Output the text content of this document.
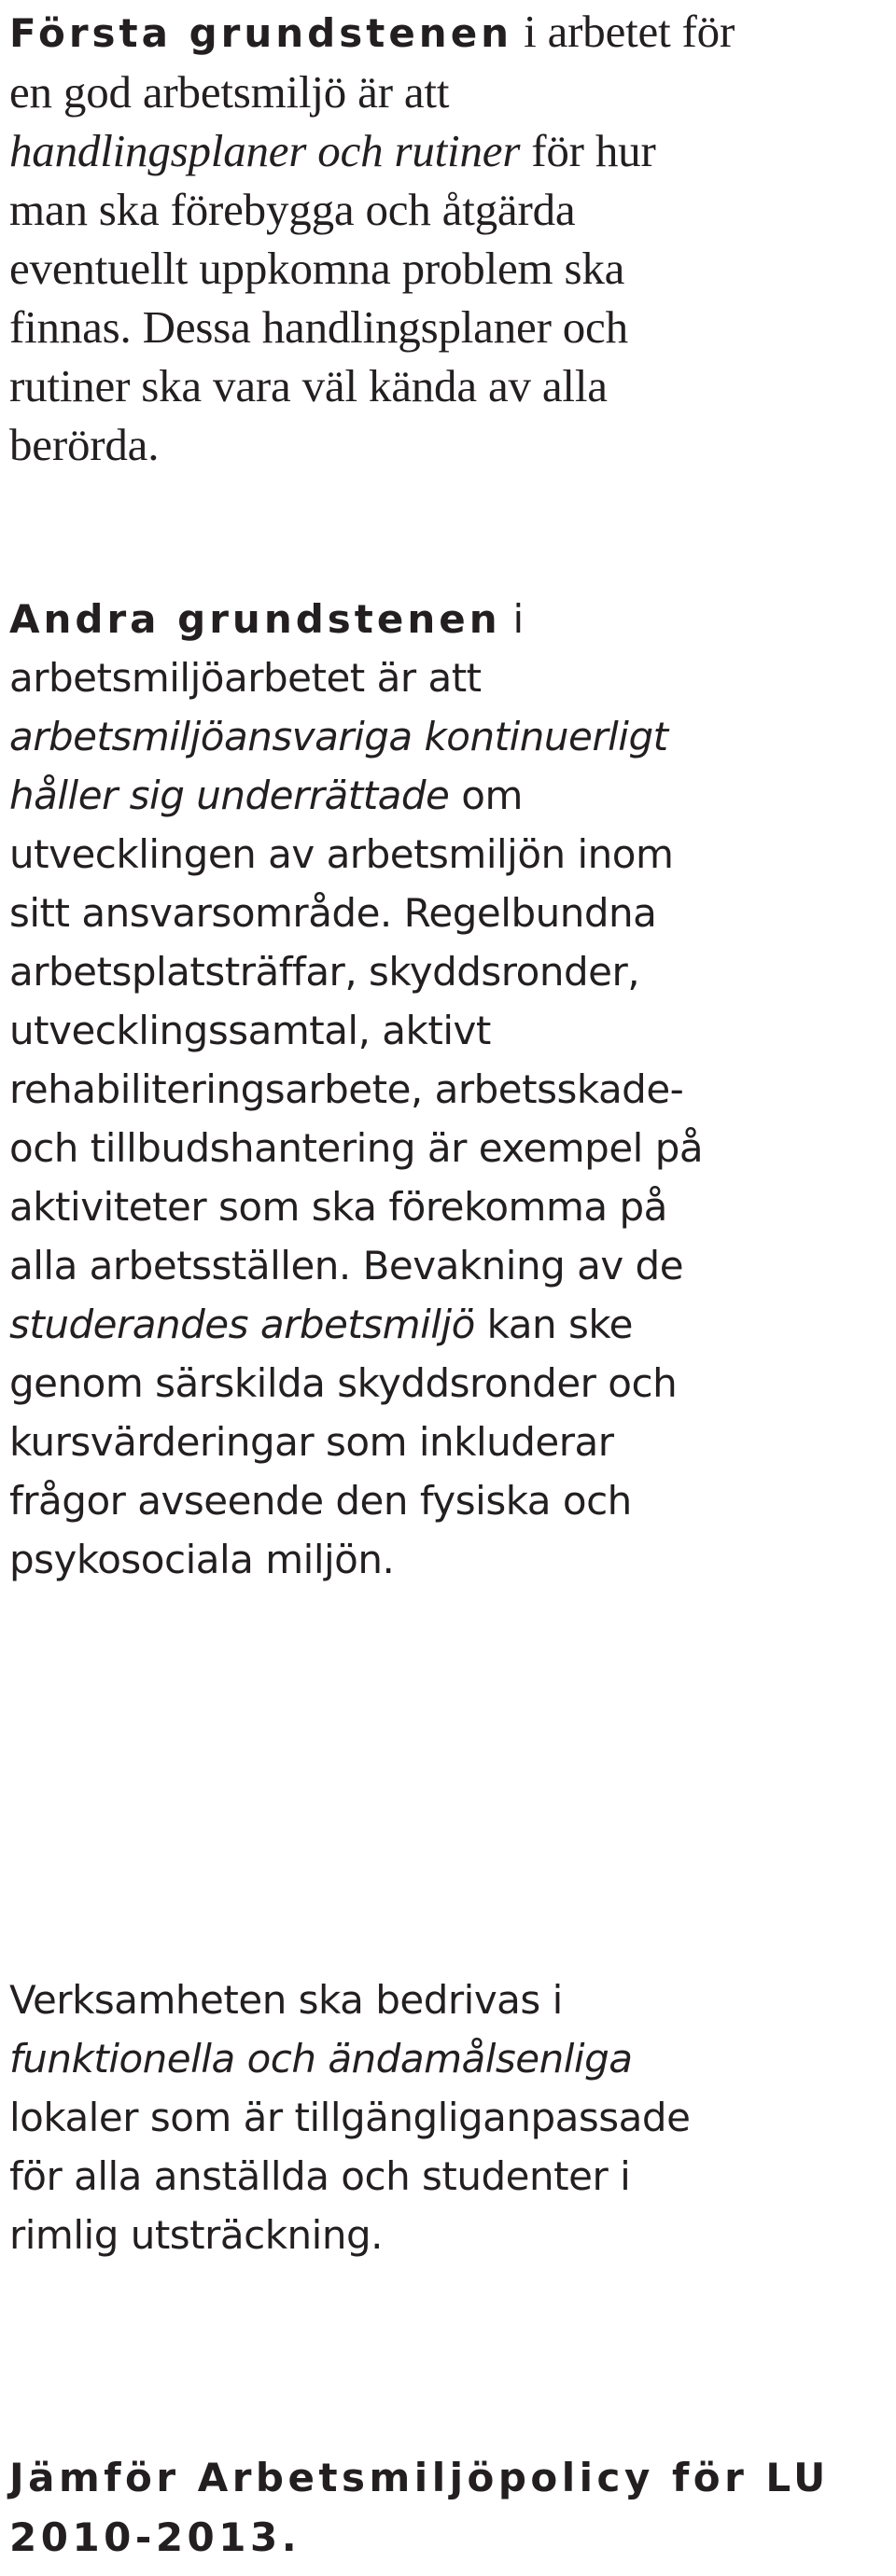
Första grundstenen i arbetet för
en god arbetsmiljö är att
handlingsplaner och rutiner för hur
man ska förebygga och åtgärda
eventuellt uppkomna problem ska
finnas. Dessa handlingsplaner och
rutiner ska vara väl kända av alla
berörda.

Andra grundstenen i
arbetsmiljöarbetet är att
arbetsmiljöansvariga kontinuerligt
håller sig underrättade om
utvecklingen av arbetsmiljön inom
sitt ansvarsområde. Regelbundna
arbetsplatsträffar, skyddsronder,
utvecklingssamtal, aktivt
rehabiliteringsarbete, arbetsskade-
och tillbudshantering är exempel på
aktiviteter som ska förekomma på
alla arbetsställen. Bevakning av de
studerandes arbetsmiljö kan ske
genom särskilda skyddsronder och
kursvärderingar som inkluderar
frågor avseende den fysiska och
psykosociala miljön.

Verksamheten ska bedrivas i
funktionella och ändamålsenliga
lokaler som är tillgängliganpassade
för alla anställda och studenter i
rimlig utsträckning.

Jämför Arbetsmiljöpolicy för LU
2010-2013.
